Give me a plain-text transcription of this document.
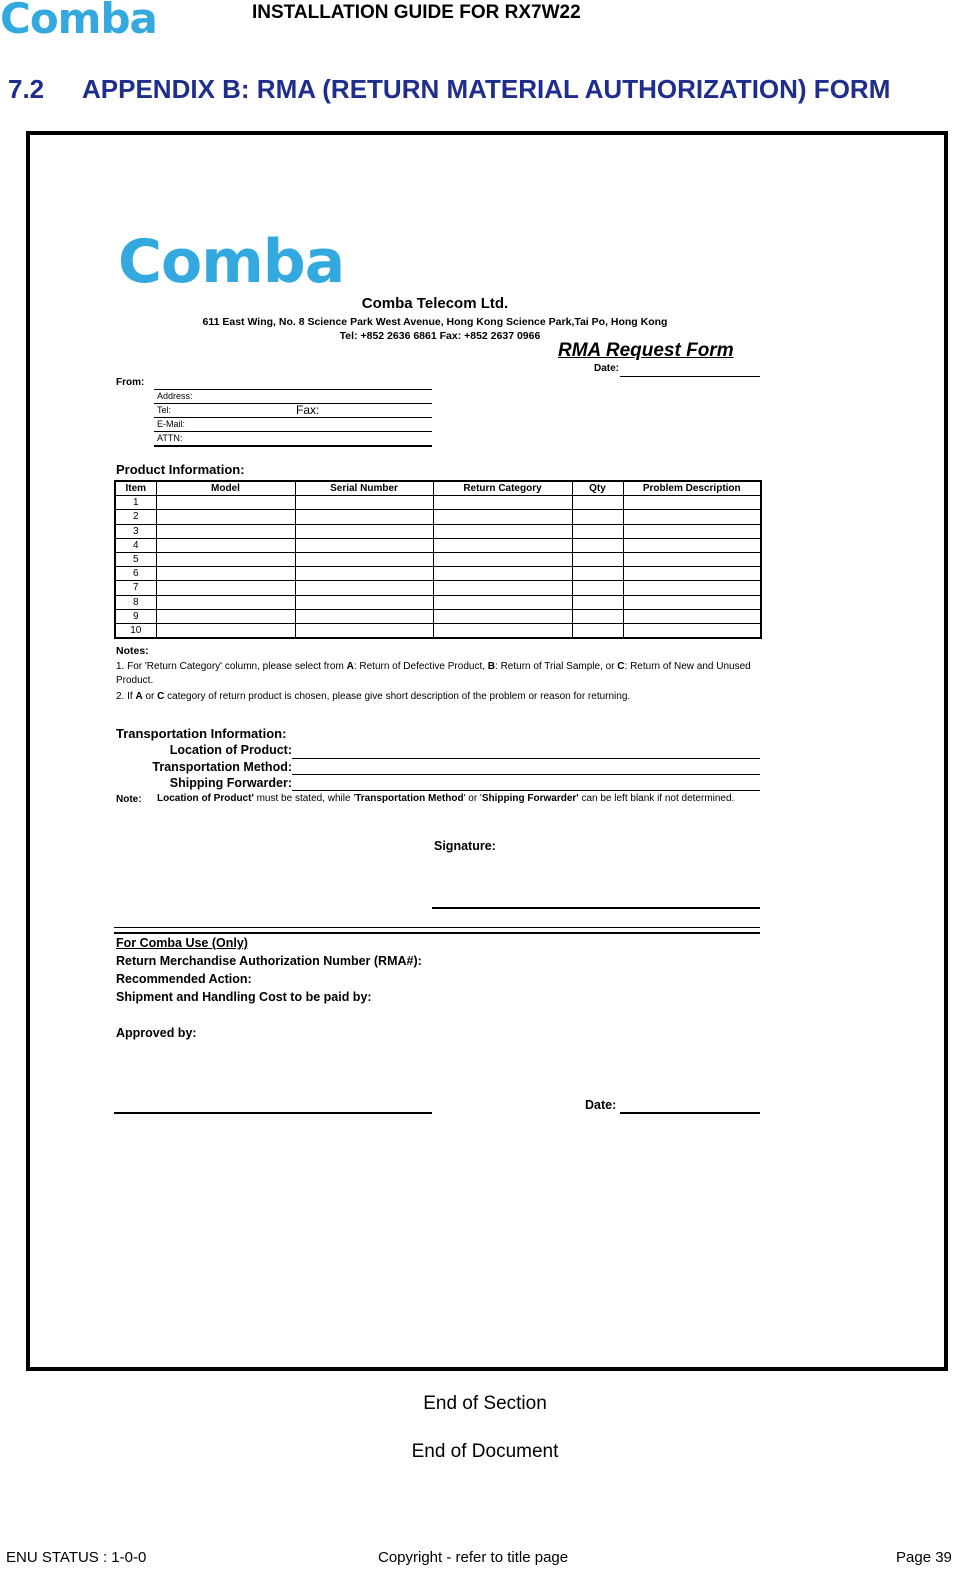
Comba	INSTALLATION GUIDE FOR RX7W22
7.2 APPENDIX B: RMA (RETURN MATERIAL AUTHORIZATION) FORM
Comba
Comba Telecom Ltd.
611 East Wing, No. 8 Science Park West Avenue, Hong Kong Science Park,Tai Po, Hong Kong
Tel: +852 2636 6861 Fax: +852 2637 0966
RMA Request Form
Date:
From:
Address:
Tel:	Fax:
E-Mail:
ATTN:
Product Information:
Item	Model	Serial Number	Return Category	Qty	Problem Description
1					
2					
3					
4					
5					
6					
7					
8					
9					
10					
Notes:
1. For 'Return Category' column, please select from A: Return of Defective Product, B: Return of Trial Sample, or C: Return of New and Unused Product.
2. If A or C category of return product is chosen, please give short description of the problem or reason for returning.
Transportation Information:
Location of Product:
Transportation Method:
Shipping Forwarder:
Note: Location of Product' must be stated, while 'Transportation Method' or 'Shipping Forwarder' can be left blank if not determined.
Signature:
For Comba Use (Only)
Return Merchandise Authorization Number (RMA#):
Recommended Action:
Shipment and Handling Cost to be paid by:
Approved by:
Date:
End of Section
End of Document
ENU STATUS : 1-0-0	Copyright - refer to title page	Page 39
